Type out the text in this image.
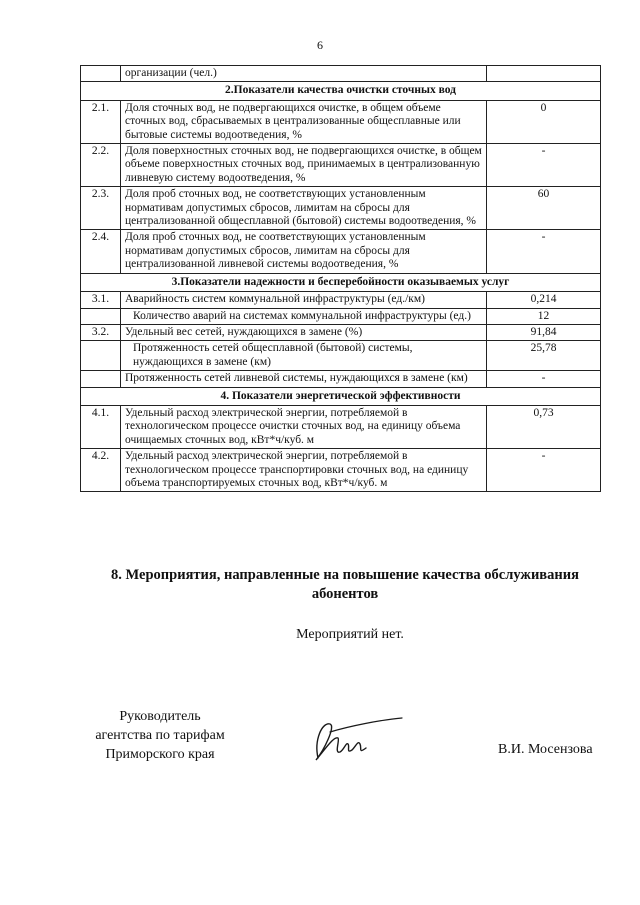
6
	организации (чел.)	
2.Показатели качества очистки сточных вод		
2.1.	Доля сточных вод, не подвергающихся очистке, в общем объеме сточных вод, сбрасываемых в централизованные общесплавные или бытовые системы водоотведения, %	0
2.2.	Доля поверхностных сточных вод, не подвергающихся очистке, в общем объеме поверхностных сточных вод, принимаемых в централизованную ливневую систему водоотведения, %	-
2.3.	Доля проб сточных вод, не соответствующих установленным нормативам допустимых сбросов, лимитам на сбросы для централизованной общесплавной (бытовой) системы водоотведения, %	60
2.4.	Доля проб сточных вод, не соответствующих установленным нормативам допустимых сбросов, лимитам на сбросы для централизованной ливневой системы водоотведения, %	-
3.Показатели надежности и бесперебойности оказываемых услуг		
3.1.	Аварийность систем коммунальной инфраструктуры (ед./км)	0,214
	Количество аварий на системах коммунальной инфраструктуры (ед.)	12
3.2.	Удельный вес сетей, нуждающихся в замене (%)	91,84
	Протяженность сетей общесплавной (бытовой) системы, нуждающихся в замене (км)	25,78
	Протяженность сетей ливневой системы, нуждающихся в замене (км)	-
4. Показатели энергетической эффективности		
4.1.	Удельный расход электрической энергии, потребляемой в технологическом процессе очистки сточных вод, на единицу объема очищаемых сточных вод, кВт*ч/куб. м	0,73
4.2.	Удельный расход электрической энергии, потребляемой в технологическом процессе транспортировки сточных вод, на единицу объема транспортируемых сточных вод, кВт*ч/куб. м	-
8. Мероприятия, направленные на повышение качества обслуживания абонентов
Мероприятий нет.
Руководитель
агентства по тарифам
Приморского края	В.И. Мосензова
